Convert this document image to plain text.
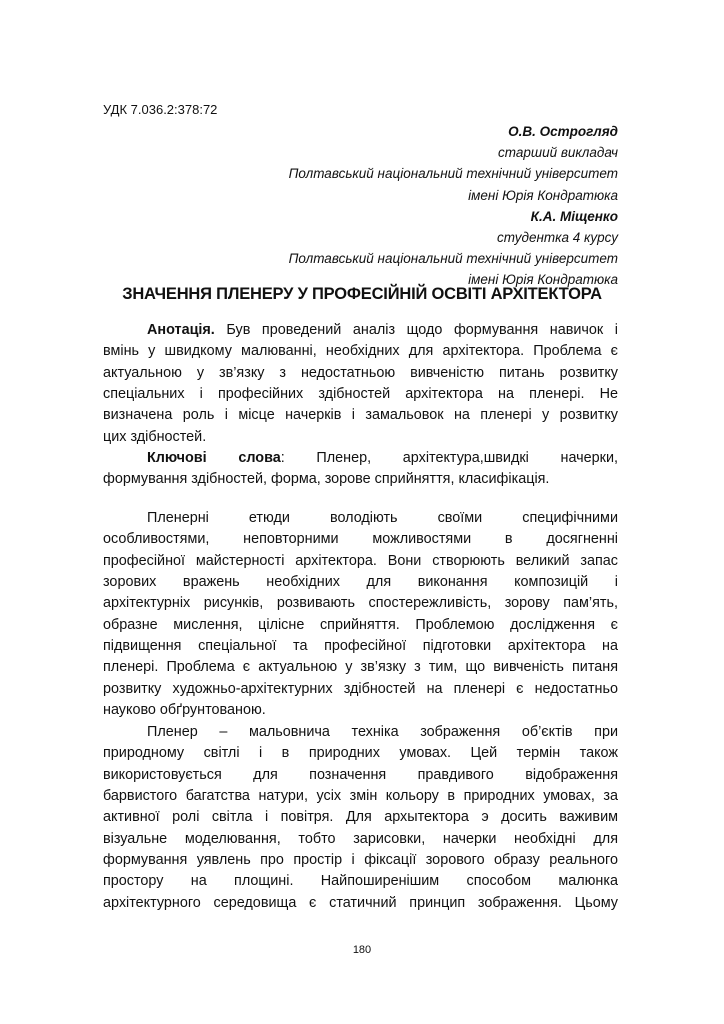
УДК 7.036.2:378:72
О.В. Острогляд
старший викладач
Полтавський національний технічний університет
імені Юрія Кондратюка
К.А. Міщенко
студентка 4 курсу
Полтавський національний технічний університет
імені Юрія Кондратюка
ЗНАЧЕННЯ ПЛЕНЕРУ У ПРОФЕСІЙНІЙ ОСВІТІ АРХІТЕКТОРА
Анотація. Був проведений аналіз щодо формування навичок і
вмінь у швидкому малюванні, необхідних для архітектора. Проблема є
актуальною у зв’язку з недостатньою вивченістю питань розвитку
спеціальних і професійних здібностей архітектора на пленері. Не
визначена роль і місце начерків і замальовок на пленері у розвитку
цих здібностей.
Ключові слова: Пленер, архітектура,швидкі начерки,
формування здібностей, форма, зорове сприйняття, класифікація.
Пленерні етюди володіють своїми специфічними
особливостями, неповторними можливостями в досягненні
професійної майстерності архітектора. Вони створюють великий запас
зорових вражень необхідних для виконання композицій і
архітектурніх рисунків, розвивають спостережливість, зорову пам’ять,
образне мислення, цілісне сприйняття. Проблемою дослідження є
підвищення спеціальної та професійної підготовки архітектора на
пленері. Проблема є актуальною у зв’язку з тим, що вивченість питаня
розвитку художньо-архітектурних здібностей на пленері є недостатньо
науково обґрунтованою.
Пленер – мальовнича техніка зображення об’єктів при
природному світлі і в природних умовах. Цей термін також
використовується для позначення правдивого відображення
барвистого багатства натури, усіх змін кольору в природних умовах, за
активної ролі світла і повітря. Для архытектора э досить важивим
візуальне моделювання, тобто зарисовки, начерки необхідні для
формування уявлень про простір і фіксації зорового образу реального
простору на площині. Найпоширенішим способом малюнка
архітектурного середовища є статичний принцип зображення. Цьому
180
